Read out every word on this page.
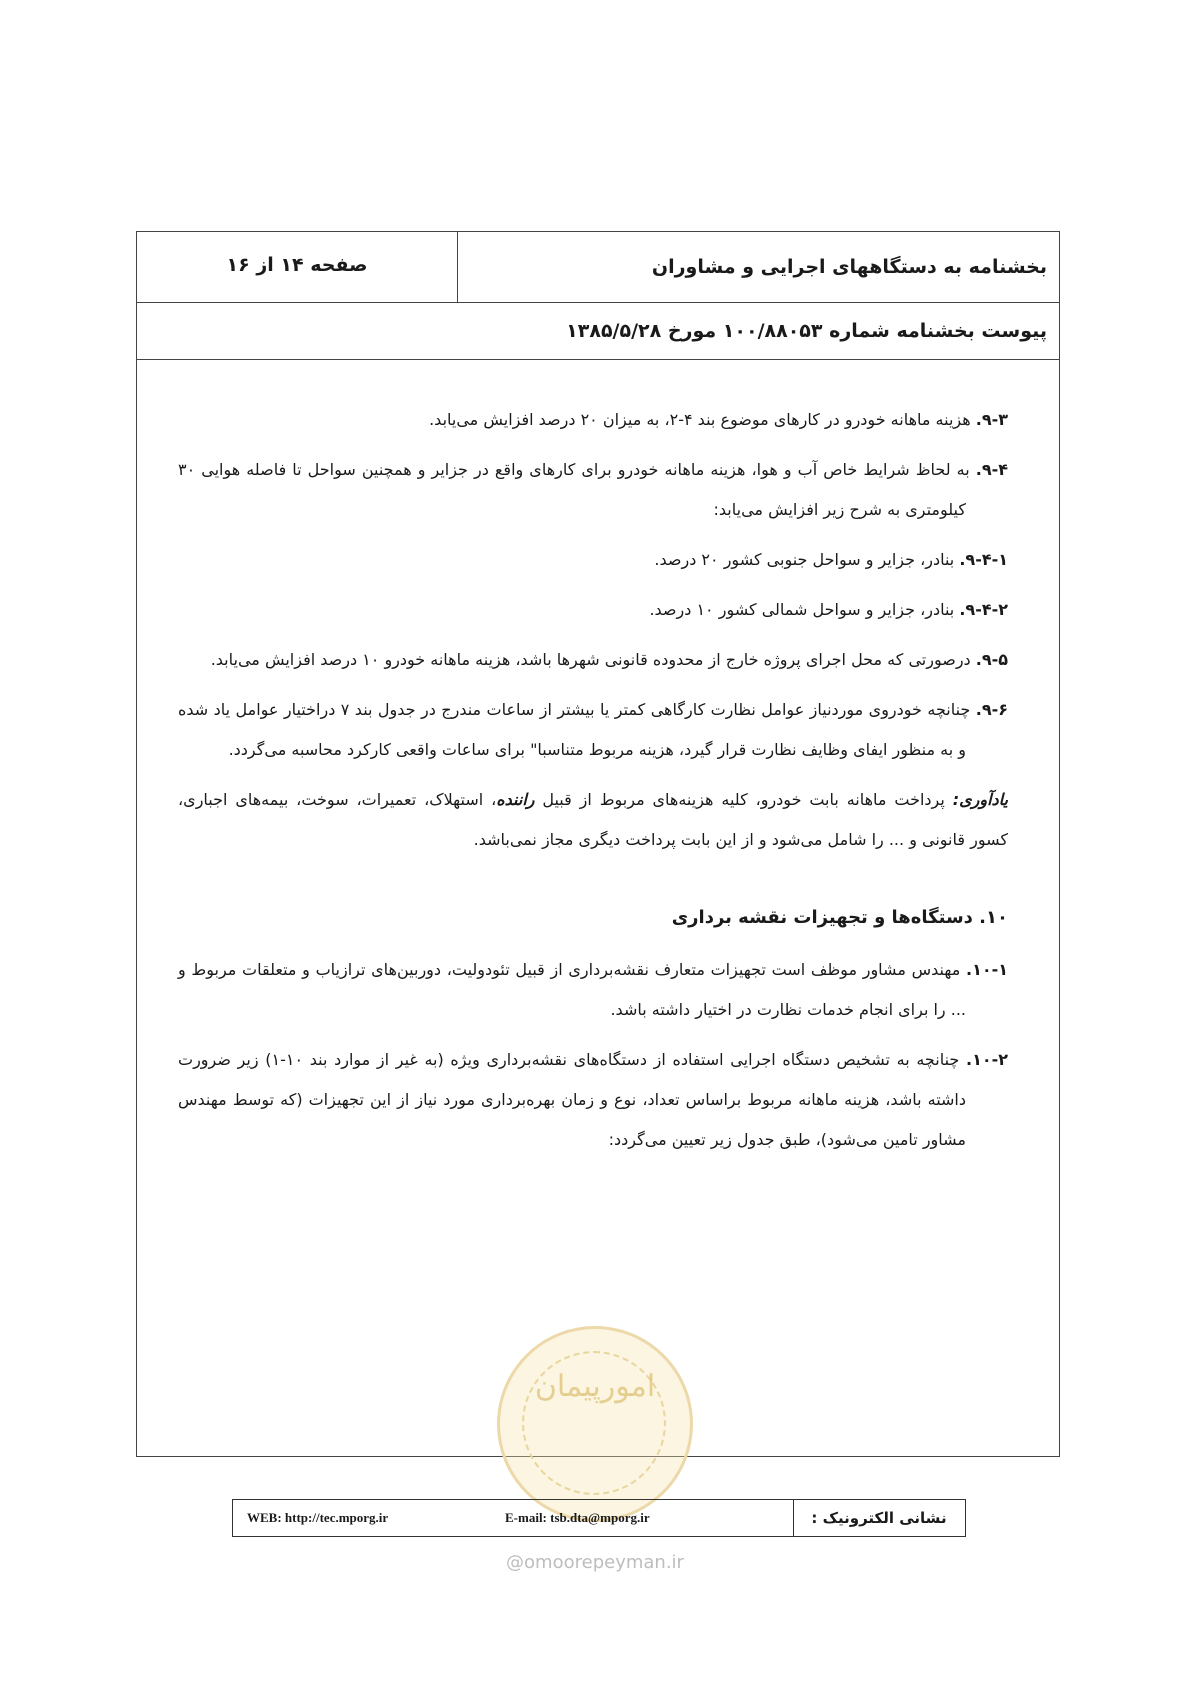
بخشنامه به دستگاههای اجرایی و مشاوران
صفحه ۱۴ از ۱۶
پیوست بخشنامه شماره ۱۰۰/۸۸۰۵۳ مورخ ۱۳۸۵/۵/۲۸

۹-۳. هزینه ماهانه خودرو در کارهای موضوع بند ۴-۲، به میزان ۲۰ درصد افزایش می‌یابد.

۹-۴. به لحاظ شرایط خاص آب و هوا، هزینه ماهانه خودرو برای کارهای واقع در جزایر و همچنین سواحل تا فاصله هوایی ۳۰ کیلومتری به شرح زیر افزایش می‌یابد:

۹-۴-۱. بنادر، جزایر و سواحل جنوبی کشور ۲۰ درصد.

۹-۴-۲. بنادر، جزایر و سواحل شمالی کشور ۱۰ درصد.

۹-۵. درصورتی که محل اجرای پروژه خارج از محدوده قانونی شهرها باشد، هزینه ماهانه خودرو ۱۰ درصد افزایش می‌یابد.

۹-۶. چنانچه خودروی موردنیاز عوامل نظارت کارگاهی کمتر یا بیشتر از ساعات مندرج در جدول بند ۷ دراختیار عوامل یاد شده و به منظور ایفای وظایف نظارت قرار گیرد، هزینه مربوط متناسبا" برای ساعات واقعی کارکرد محاسبه می‌گردد.

یادآوری: پرداخت ماهانه بابت خودرو، کلیه هزینه‌های مربوط از قبیل راننده، استهلاک، تعمیرات، سوخت، بیمه‌های اجباری، کسور قانونی و ... را شامل می‌شود و از این بابت پرداخت دیگری مجاز نمی‌باشد.

۱۰. دستگاه‌ها و تجهیزات نقشه برداری

۱۰-۱. مهندس مشاور موظف است تجهیزات متعارف نقشه‌برداری از قبیل تئودولیت، دوربین‌های ترازیاب و متعلقات مربوط و ... را برای انجام خدمات نظارت در اختیار داشته باشد.

۱۰-۲. چنانچه به تشخیص دستگاه اجرایی استفاده از دستگاه‌های نقشه‌برداری ویژه (به غیر از موارد بند ۱۰-۱) زیر ضرورت داشته باشد، هزینه ماهانه مربوط براساس تعداد، نوع و زمان بهره‌برداری مورد نیاز از این تجهیزات (که توسط مهندس مشاور تامین می‌شود)، طبق جدول زیر تعیین می‌گردد:

امورپیمان
WEB: http://tec.mporg.ir	E-mail: tsb.dta@mporg.ir	نشانی الکترونیک :
@omoorepeyman.ir
